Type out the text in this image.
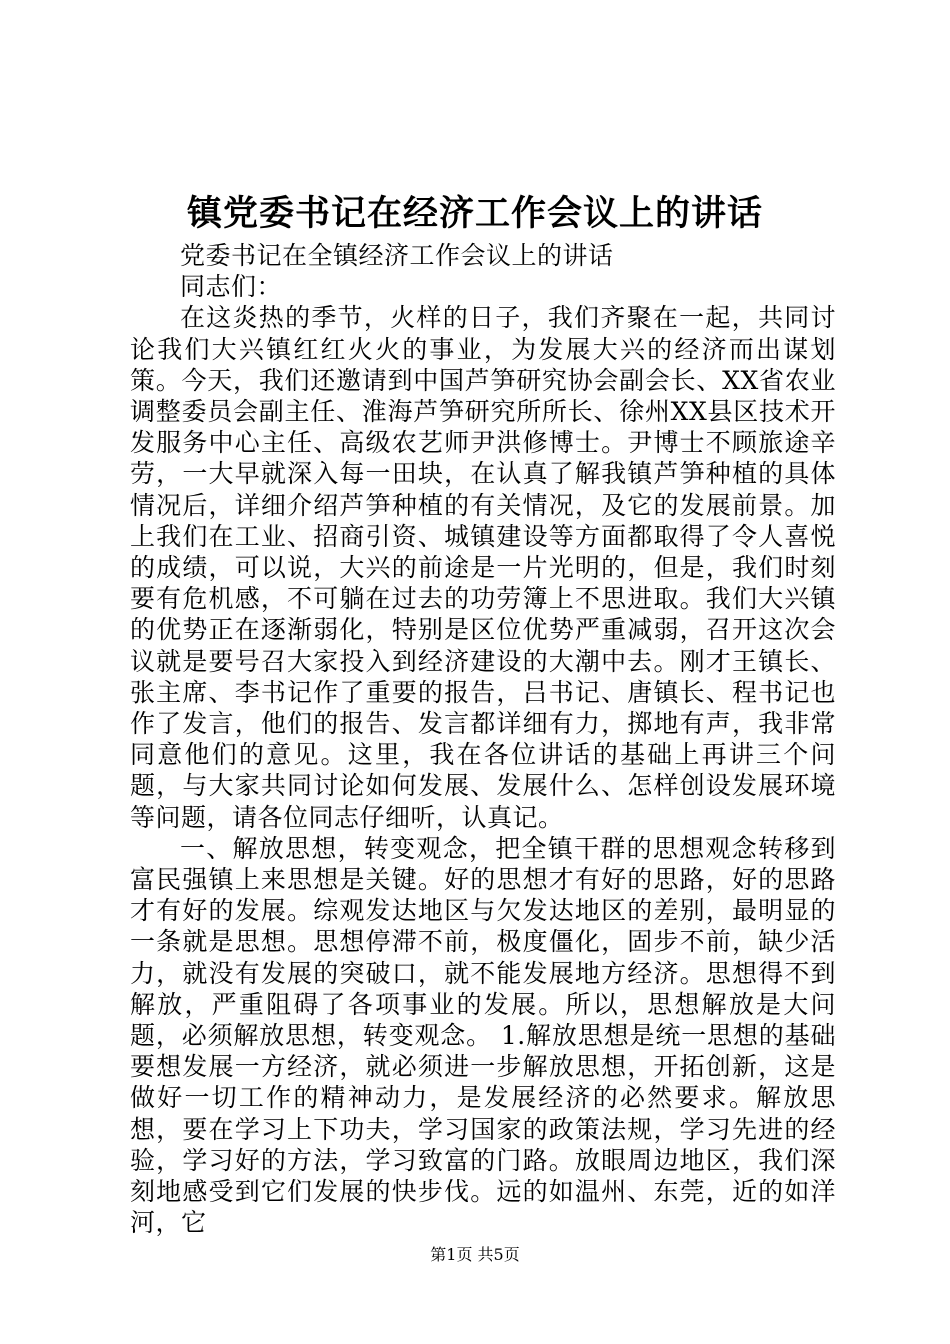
镇党委书记在经济工作会议上的讲话

党委书记在全镇经济工作会议上的讲话

同志们：

在这炎热的季节，火样的日子，我们齐聚在一起，共同讨论我们大兴镇红红火火的事业，为发展大兴的经济而出谋划策。今天，我们还邀请到中国芦笋研究协会副会长、XX省农业调整委员会副主任、淮海芦笋研究所所长、徐州XX县区技术开发服务中心主任、高级农艺师尹洪修博士。尹博士不顾旅途辛劳，一大早就深入每一田块，在认真了解我镇芦笋种植的具体情况后，详细介绍芦笋种植的有关情况，及它的发展前景。加上我们在工业、招商引资、城镇建设等方面都取得了令人喜悦的成绩，可以说，大兴的前途是一片光明的，但是，我们时刻要有危机感，不可躺在过去的功劳簿上不思进取。我们大兴镇的优势正在逐渐弱化，特别是区位优势严重减弱，召开这次会议就是要号召大家投入到经济建设的大潮中去。刚才王镇长、张主席、李书记作了重要的报告，吕书记、唐镇长、程书记也作了发言，他们的报告、发言都详细有力，掷地有声，我非常同意他们的意见。这里，我在各位讲话的基础上再讲三个问题，与大家共同讨论如何发展、发展什么、怎样创设发展环境等问题，请各位同志仔细听，认真记。

一、解放思想，转变观念，把全镇干群的思想观念转移到富民强镇上来思想是关键。好的思想才有好的思路，好的思路才有好的发展。综观发达地区与欠发达地区的差别，最明显的一条就是思想。思想停滞不前，极度僵化，固步不前，缺少活力，就没有发展的突破口，就不能发展地方经济。思想得不到解放，严重阻碍了各项事业的发展。所以，思想解放是大问题，必须解放思想，转变观念。 1.解放思想是统一思想的基础要想发展一方经济，就必须进一步解放思想，开拓创新，这是做好一切工作的精神动力，是发展经济的必然要求。解放思想，要在学习上下功夫，学习国家的政策法规，学习先进的经验，学习好的方法，学习致富的门路。放眼周边地区，我们深刻地感受到它们发展的快步伐。远的如温州、东莞，近的如洋河，它

第1页 共5页
